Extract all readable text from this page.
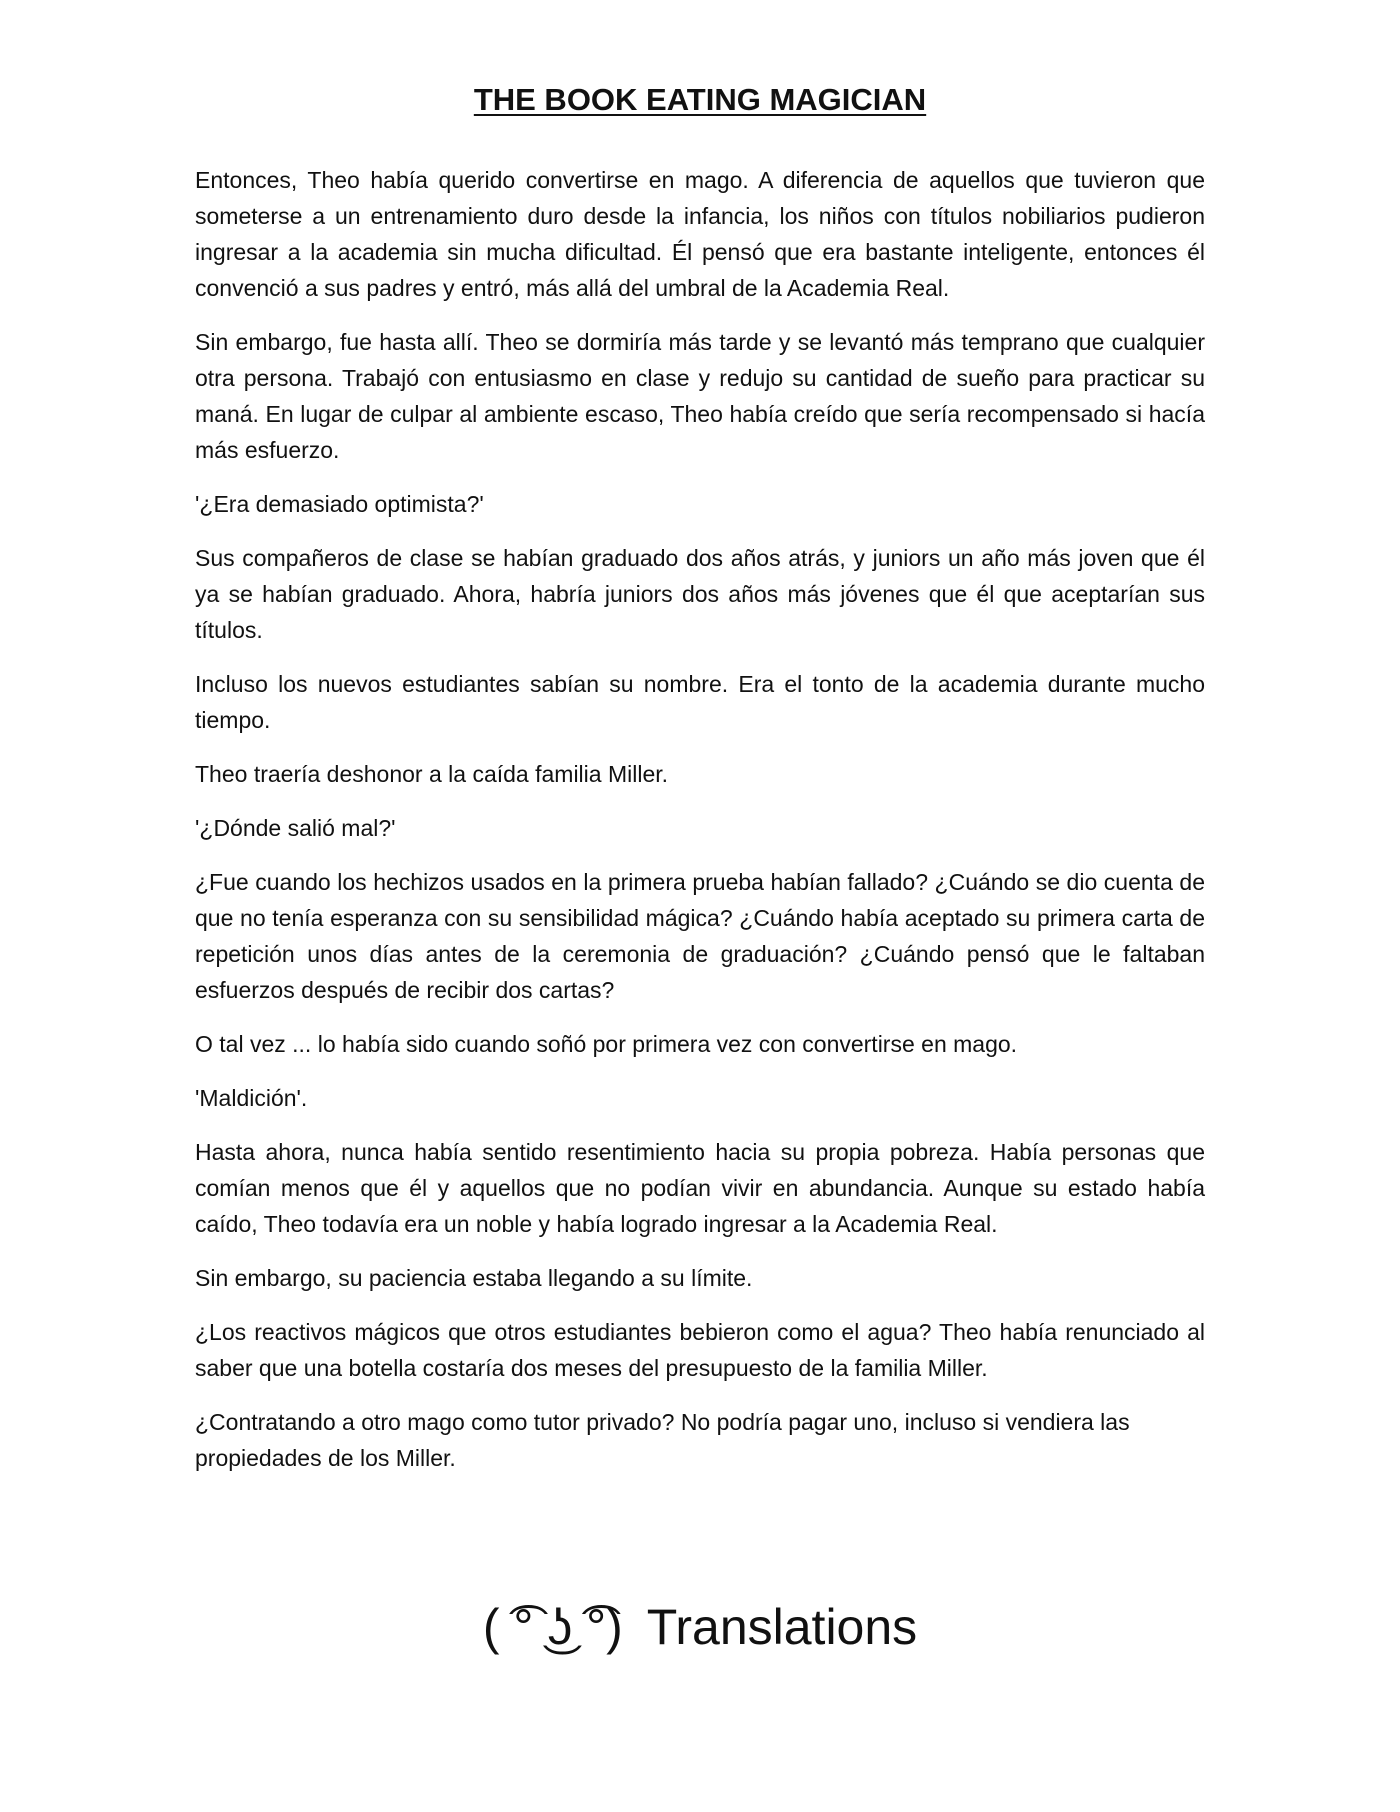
THE BOOK EATING MAGICIAN

Entonces, Theo había querido convertirse en mago. A diferencia de aquellos que tuvieron que someterse a un entrenamiento duro desde la infancia, los niños con títulos nobiliarios pudieron ingresar a la academia sin mucha dificultad. Él pensó que era bastante inteligente, entonces él convenció a sus padres y entró, más allá del umbral de la Academia Real.

Sin embargo, fue hasta allí. Theo se dormiría más tarde y se levantó más temprano que cualquier otra persona. Trabajó con entusiasmo en clase y redujo su cantidad de sueño para practicar su maná. En lugar de culpar al ambiente escaso, Theo había creído que sería recompensado si hacía más esfuerzo.

'¿Era demasiado optimista?'

Sus compañeros de clase se habían graduado dos años atrás, y juniors un año más joven que él ya se habían graduado. Ahora, habría juniors dos años más jóvenes que él que aceptarían sus títulos.

Incluso los nuevos estudiantes sabían su nombre. Era el tonto de la academia durante mucho tiempo.

Theo traería deshonor a la caída familia Miller.

'¿Dónde salió mal?'

¿Fue cuando los hechizos usados en la primera prueba habían fallado? ¿Cuándo se dio cuenta de que no tenía esperanza con su sensibilidad mágica? ¿Cuándo había aceptado su primera carta de repetición unos días antes de la ceremonia de graduación? ¿Cuándo pensó que le faltaban esfuerzos después de recibir dos cartas?

O tal vez ... lo había sido cuando soñó por primera vez con convertirse en mago.

'Maldición'.

Hasta ahora, nunca había sentido resentimiento hacia su propia pobreza. Había personas que comían menos que él y aquellos que no podían vivir en abundancia. Aunque su estado había caído, Theo todavía era un noble y había logrado ingresar a la Academia Real.

Sin embargo, su paciencia estaba llegando a su límite.

¿Los reactivos mágicos que otros estudiantes bebieron como el agua? Theo había renunciado al saber que una botella costaría dos meses del presupuesto de la familia Miller.

¿Contratando a otro mago como tutor privado? No podría pagar uno, incluso si vendiera las propiedades de los Miller.

( ͡° ͜ʖ ͡°) Translations
